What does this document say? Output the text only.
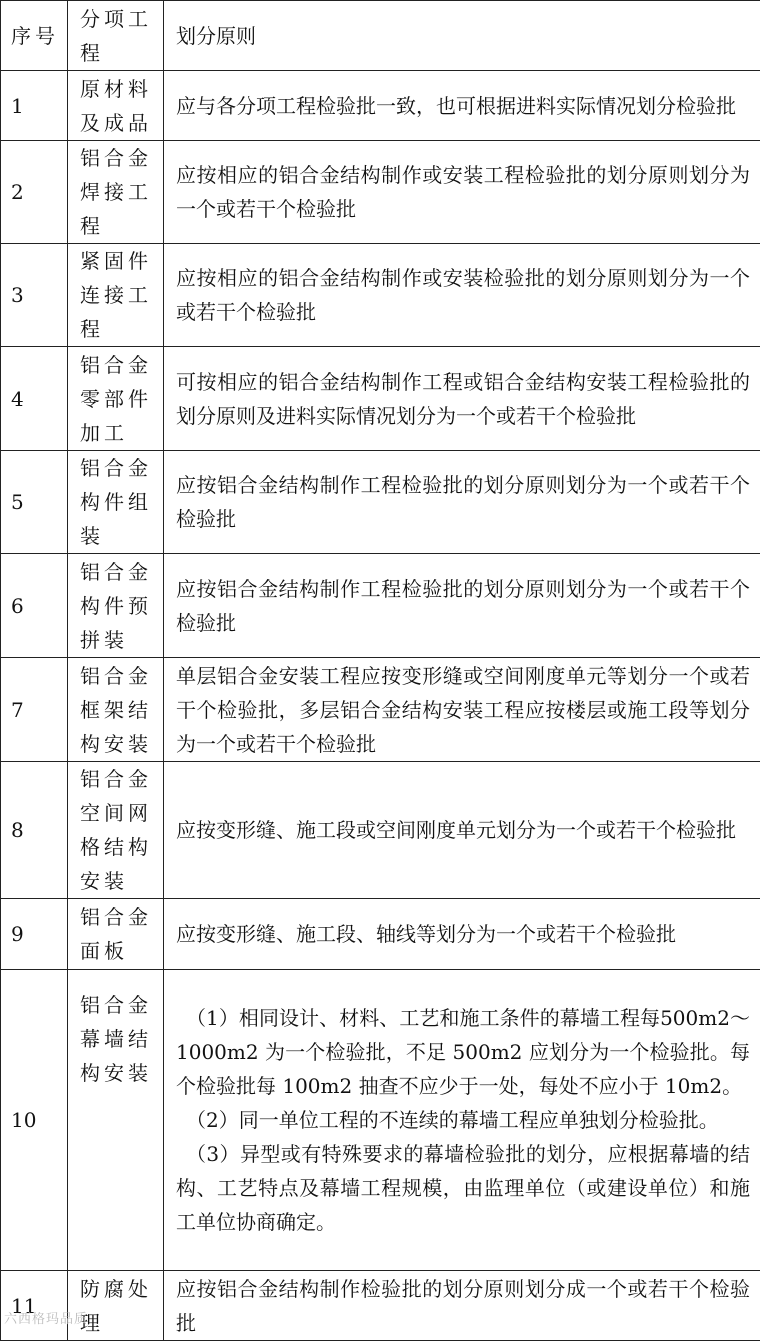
序号	分项工程	划分原则
1	原材料及成品	应与各分项工程检验批一致，也可根据进料实际情况划分检验批
2	铝合金焊接工程	应按相应的铝合金结构制作或安装工程检验批的划分原则划分为一个或若干个检验批
3	紧固件连接工程	应按相应的铝合金结构制作或安装检验批的划分原则划分为一个或若干个检验批
4	铝合金零部件加工	可按相应的铝合金结构制作工程或铝合金结构安装工程检验批的划分原则及进料实际情况划分为一个或若干个检验批
5	铝合金构件组装	应按铝合金结构制作工程检验批的划分原则划分为一个或若干个检验批
6	铝合金构件预拼装	应按铝合金结构制作工程检验批的划分原则划分为一个或若干个检验批
7	铝合金框架结构安装	单层铝合金安装工程应按变形缝或空间刚度单元等划分一个或若干个检验批，多层铝合金结构安装工程应按楼层或施工段等划分为一个或若干个检验批
8	铝合金空间网格结构安装	应按变形缝、施工段或空间刚度单元划分为一个或若干个检验批
9	铝合金面板	应按变形缝、施工段、轴线等划分为一个或若干个检验批
10	铝合金幕墙结构安装	（1）相同设计、材料、工艺和施工条件的幕墙工程每500m2～1000m2 为一个检验批，不足 500m2 应划分为一个检验批。每个检验批每 100m2 抽查不应少于一处，每处不应小于 10m2。

（2）同一单位工程的不连续的幕墙工程应单独划分检验批。

（3）异型或有特殊要求的幕墙检验批的划分，应根据幕墙的结构、工艺特点及幕墙工程规模，由监理单位（或建设单位）和施工单位协商确定。

11	防腐处理	应按铝合金结构制作检验批的划分原则划分成一个或若干个检验批
六西格玛品质
